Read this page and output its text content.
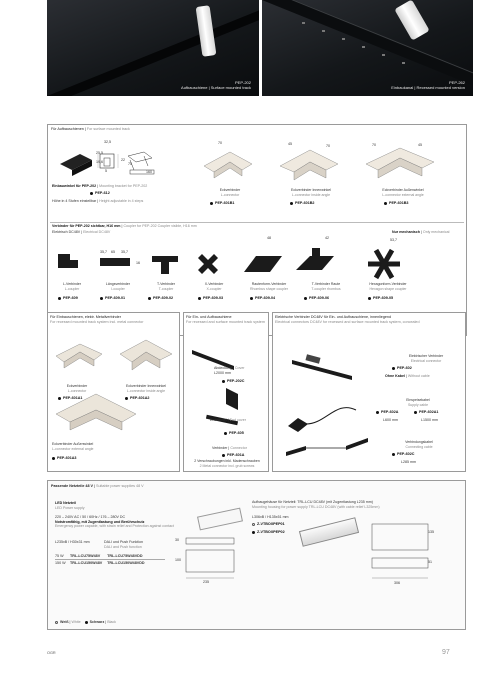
PEP-202
Aufbauschiene | Surface mounted track
PEP-262
Einbaukanal | Recessed mounted version
Für Aufbauschienen | For surface mounted track
32,5
25,5
19,6
5
22
75
160
Einbauwinkel für PEP-202 | Mounting bracket for PEP-202
PEP-612
Höhe in 4 Stufen einstellbar | Height adjustable in 4 steps
70
Eckverbinder
L-connector
PEP-601B1
45	70
Eckverbinder Innenwinkel
L-connector inside angle
PEP-601B2
70	45
Eckverbinder Außenwinkel
L-connector external angle
PEP-601B3
Verbinder für PEP-202 sichtbar, H16 mm | Coupler for PEP-202 Coupler visible, H16 mm
Elektrisch DC48V | Electrical DC48V	Nur mechanisch | Only mechanical
35,7 65 35,7
16
48	42	53,7
L-Verbinder
L-coupler
PEP-609
Längsverbinder
I-coupler
PEP-609-01
T-Verbinder
T-coupler
PEP-609-02
X-Verbinder
X-coupler
PEP-609-03
Rautenform-Verbinder
Rhombus shape coupler
PEP-609-04
T-Verbinder Raute
T-coupler rhombus
PEP-609-06
Hexagonform-Verbinder
Hexagon shape coupler
PEP-609-05
Für Einbauschienen, elektr. Metallverbinder
For recessed mounted track system incl. metal connector
Eckverbinder
L-connector
PEP-601A1
Eckverbinder Innenwinkel
L-connector inside angle
PEP-601A2
Eckverbinder Außenwinkel
L-connector external angle
PEP-601A3
Für Ein- und Aufbauschiene
For recessed and surface mounted track system
Abdeckung | Cover
L2000 mm
PEP-202C
Enddeckel | End cover
PEP-605
Verbinder | Connector
PEP-601A
2 Verschraubungen inkl. Madenschrauben
2 Metal connector incl. grub screws
Elektrische Verbinder DC48V für Ein- und Aufbauschiene, innenliegend
Electrical connectors DC48V for recessed and surface mounted track system, concealed
Elektrischer Verbinder
Electrical connector
PEP-602
Ohne Kabel | Without cable
Einspeisekabel
Supply cable
PEP-602A	PEP-602A1
L600 mm	L1500 mm
Verbindungskabel
Connecting cable
PEP-602C
L285 mm
Passende Netzteile 48 V | Suitable power supplies 48 V
LED Netzteil
LED Power supply
220 – 240V AC / 50 / 60Hz / 176 – 280V DC
Notstromfähig, mit Zugentlastung und Berührschutz
Emergency power capable, with strain relief and Protection against contact
L235xB / H30x31 mm	DALI und Push Funktion
DALI and Push function
75 W TRL-LCU75W48V TRL-LCU75W48VDD
150 W TRL-LCU150W48V TRL-LCU150W48VDD
30
100
235
Aufbaugehäuse für Netzteil: TRL-LCU DC48V (mit Zugentlastung L235 mm)
Mounting housing for power supply TRL-LCU DC48V (with cable relief L325mm)
L306xB / H135x51 mm
Z-VTBOXPEP01
Z-VTBOXPEP02	135
51
306
Weiß | White	Schwarz | Black
OGR	97
